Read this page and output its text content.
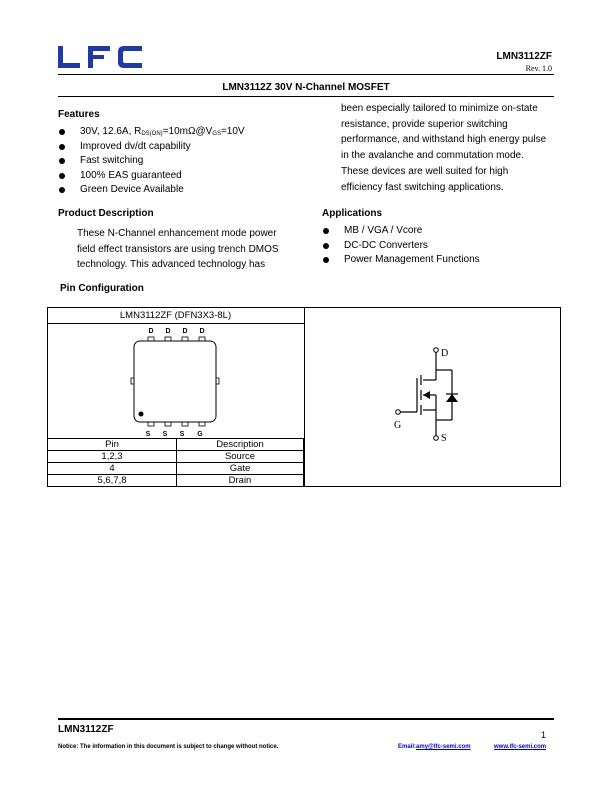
LMN3112ZF
Rev. 1.0
LMN3112Z 30V N-Channel MOSFET
Features
30V, 12.6A, $R_{DS(ON)}=10m\Omega@V_{GS}=10V$
Improved dv/dt capability
Fast switching
100% EAS guaranteed
Green Device Available
Product Description
These N-Channel enhancement mode power
field effect transistors are using trench DMOS
technology. This advanced technology has
been especially tailored to minimize on-state
resistance, provide superior switching
performance, and withstand high energy pulse
in the avalanche and commutation mode.
These devices are well suited for high
efficiency fast switching applications.
Applications
MB / VGA / Vcore
DC-DC Converters
Power Management Functions
Pin Configuration
LMN3112ZF (DFN3X3-8L)
D D D D
S S S G
Pin	Description
1,2,3	Source
4	Gate
5,6,7,8	Drain
D
G
S
LMN3112ZF	1
Notice: The information in this document is subject to change without notice.	Email:amy@lfc-semi.com	www.lfc-semi.com
